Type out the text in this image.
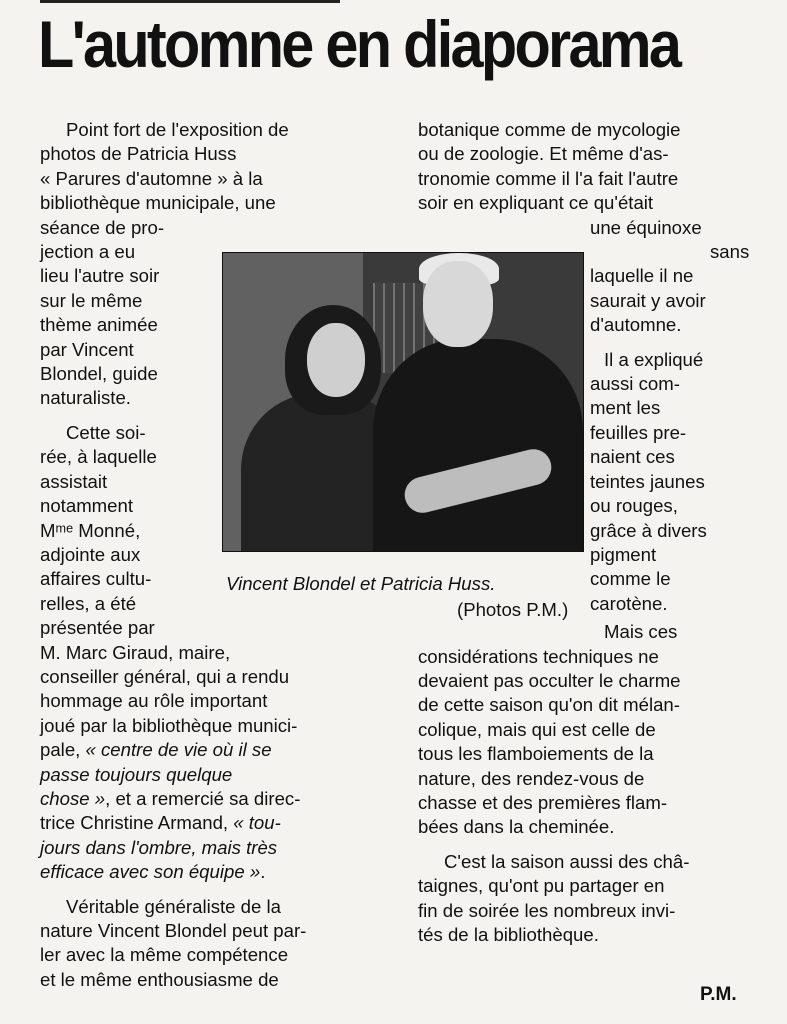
L'automne en diaporama
Point fort de l'exposition de
photos de Patricia Huss
« Parures d'automne » à la
bibliothèque municipale, une
séance de pro-
jection a eu
lieu l'autre soir
sur le même
thème animée
par Vincent
Blondel, guide
naturaliste.
Cette soi-
rée, à laquelle
assistait
notamment
Mᵐᵉ Monné,
adjointe aux
affaires cultu-
relles, a été
présentée par
M. Marc Giraud, maire,
conseiller général, qui a rendu
hommage au rôle important
joué par la bibliothèque munici-
pale, « centre de vie où il se
passe toujours quelque
chose », et a remercié sa direc-
trice Christine Armand, « tou-
jours dans l'ombre, mais très
efficace avec son équipe ».
Véritable généraliste de la
nature Vincent Blondel peut par-
ler avec la même compétence
et le même enthousiasme de
Vincent Blondel et Patricia Huss.
(Photos P.M.)
botanique comme de mycologie
ou de zoologie. Et même d'as-
tronomie comme il l'a fait l'autre
soir en expliquant ce qu'était
une équinoxe
sans
laquelle il ne
saurait y avoir
d'automne.
Il a expliqué
aussi com-
ment les
feuilles pre-
naient ces
teintes jaunes
ou rouges,
grâce à divers
pigment
comme le
carotène.
Mais ces
considérations techniques ne
devaient pas occulter le charme
de cette saison qu'on dit mélan-
colique, mais qui est celle de
tous les flamboiements de la
nature, des rendez-vous de
chasse et des premières flam-
bées dans la cheminée.
C'est la saison aussi des châ-
taignes, qu'ont pu partager en
fin de soirée les nombreux invi-
tés de la bibliothèque.
P.M.
